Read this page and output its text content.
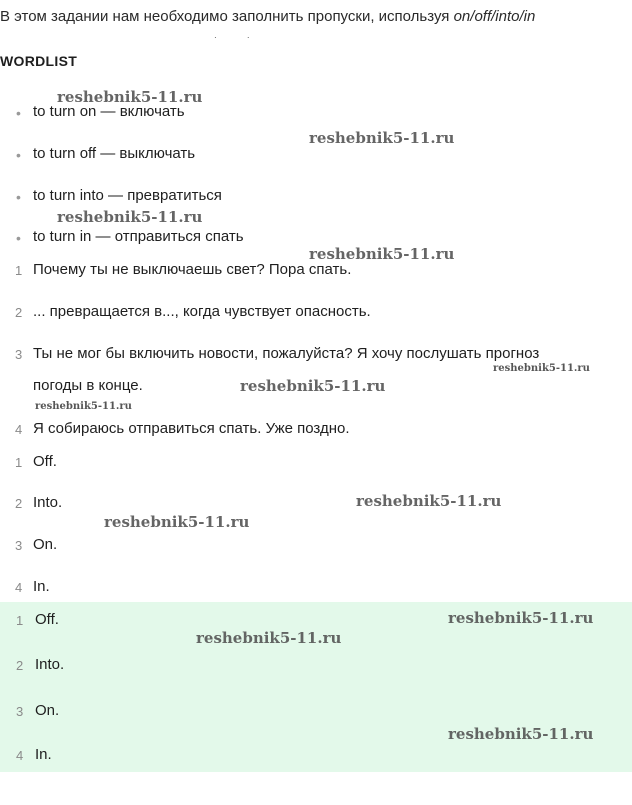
В этом задании нам необходимо заполнить пропуски, используя on/off/into/in
· ·
WORDLIST
• to turn on — включать
• to turn off — выключать
• to turn into — превратиться
• to turn in — отправиться спать
1 Почему ты не выключаешь свет? Пора спать.
2 ... превращается в..., когда чувствует опасность.
3 Ты не мог бы включить новости, пожалуйста? Я хочу послушать прогноз
погоды в конце.
4 Я собираюсь отправиться спать. Уже поздно.
1 Off.
2 Into.
3 On.
4 In.
1 Off.
2 Into.
3 On.
4 In.
reshebnik5-11.ru
reshebnik5-11.ru
reshebnik5-11.ru
reshebnik5-11.ru
reshebnik5-11.ru
reshebnik5-11.ru
reshebnik5-11.ru
reshebnik5-11.ru
reshebnik5-11.ru
reshebnik5-11.ru
reshebnik5-11.ru
reshebnik5-11.ru
